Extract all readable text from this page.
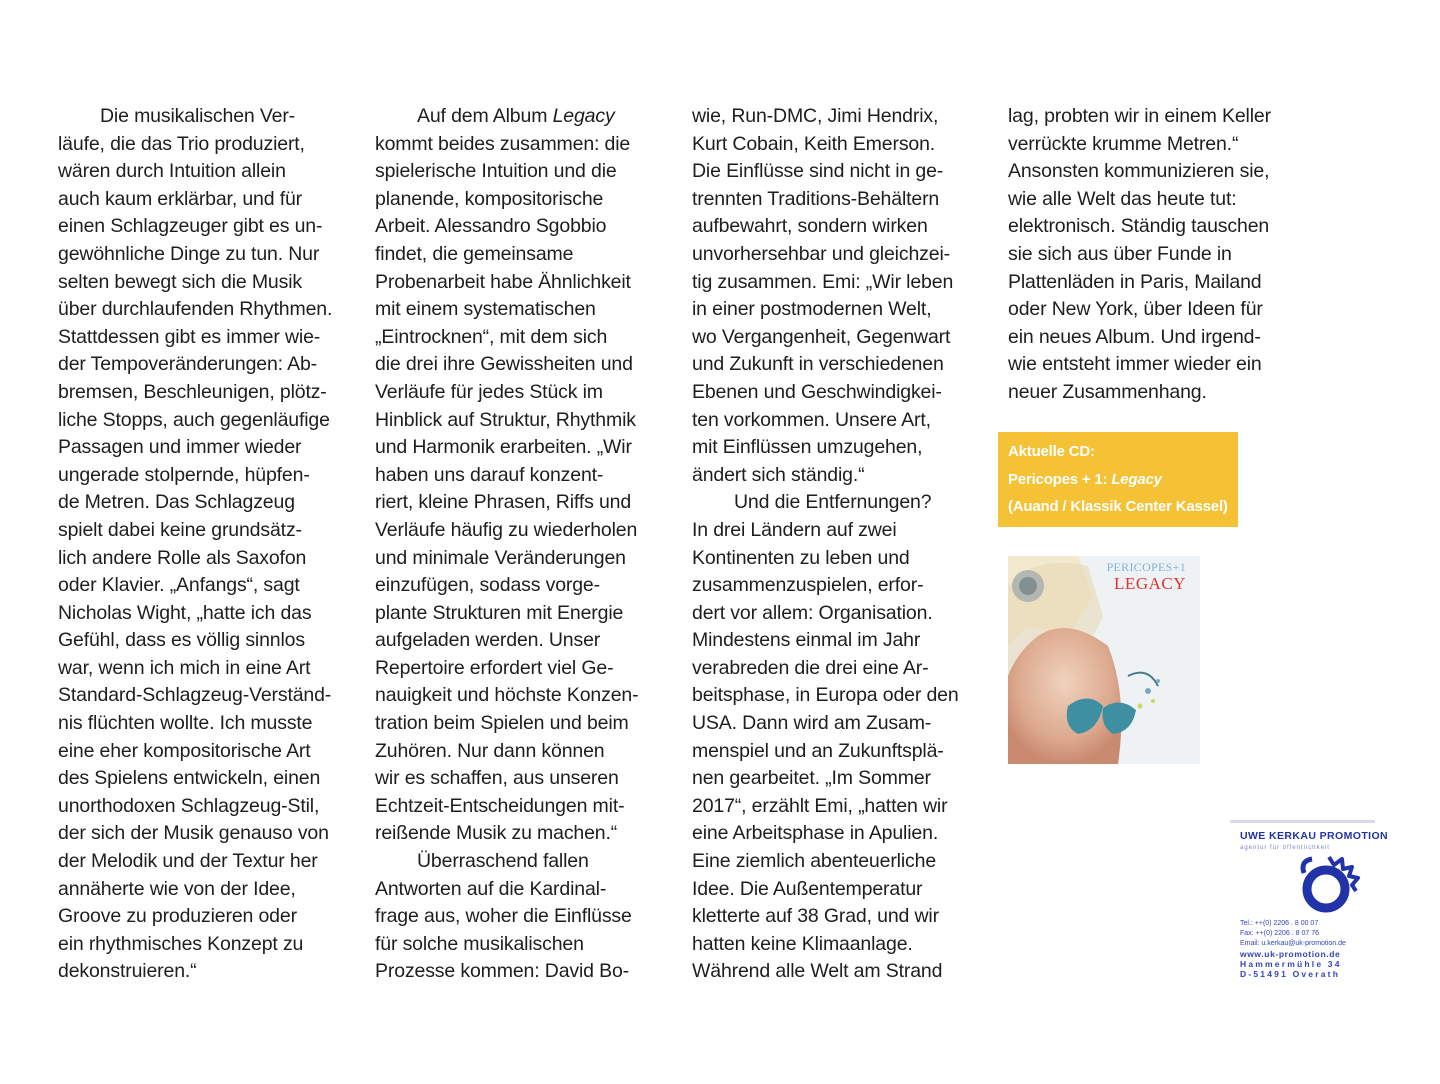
Die musikalischen Ver-
läufe, die das Trio produziert,
wären durch Intuition allein
auch kaum erklärbar, und für
einen Schlagzeuger gibt es un-
gewöhnliche Dinge zu tun. Nur
selten bewegt sich die Musik
über durchlaufenden Rhythmen.
Stattdessen gibt es immer wie-
der Tempoveränderungen: Ab-
bremsen, Beschleunigen, plötz-
liche Stopps, auch gegenläufige
Passagen und immer wieder
ungerade stolpernde, hüpfen-
de Metren. Das Schlagzeug
spielt dabei keine grundsätz-
lich andere Rolle als Saxofon
oder Klavier. „Anfangs“, sagt
Nicholas Wight, „hatte ich das
Gefühl, dass es völlig sinnlos
war, wenn ich mich in eine Art
Standard-Schlagzeug-Verständ-
nis flüchten wollte. Ich musste
eine eher kompositorische Art
des Spielens entwickeln, einen
unorthodoxen Schlagzeug-Stil,
der sich der Musik genauso von
der Melodik und der Textur her
annäherte wie von der Idee,
Groove zu produzieren oder
ein rhythmisches Konzept zu
dekonstruieren.“

Auf dem Album Legacy
kommt beides zusammen: die
spielerische Intuition und die
planende, kompositorische
Arbeit. Alessandro Sgobbio
findet, die gemeinsame
Probenarbeit habe Ähnlichkeit
mit einem systematischen
„Eintrocknen“, mit dem sich
die drei ihre Gewissheiten und
Verläufe für jedes Stück im
Hinblick auf Struktur, Rhythmik
und Harmonik erarbeiten. „Wir
haben uns darauf konzent-
riert, kleine Phrasen, Riffs und
Verläufe häufig zu wiederholen
und minimale Veränderungen
einzufügen, sodass vorge-
plante Strukturen mit Energie
aufgeladen werden. Unser
Repertoire erfordert viel Ge-
nauigkeit und höchste Konzen-
tration beim Spielen und beim
Zuhören. Nur dann können
wir es schaffen, aus unseren
Echtzeit-Entscheidungen mit-
reißende Musik zu machen.“

Überraschend fallen
Antworten auf die Kardinal-
frage aus, woher die Einflüsse
für solche musikalischen
Prozesse kommen: David Bo-

wie, Run-DMC, Jimi Hendrix,
Kurt Cobain, Keith Emerson.
Die Einflüsse sind nicht in ge-
trennten Traditions-Behältern
aufbewahrt, sondern wirken
unvorhersehbar und gleichzei-
tig zusammen. Emi: „Wir leben
in einer postmodernen Welt,
wo Vergangenheit, Gegenwart
und Zukunft in verschiedenen
Ebenen und Geschwindigkei-
ten vorkommen. Unsere Art,
mit Einflüssen umzugehen,
ändert sich ständig.“

Und die Entfernungen?
In drei Ländern auf zwei
Kontinenten zu leben und
zusammenzuspielen, erfor-
dert vor allem: Organisation.
Mindestens einmal im Jahr
verabreden die drei eine Ar-
beitsphase, in Europa oder den
USA. Dann wird am Zusam-
menspiel und an Zukunftsplä-
nen gearbeitet. „Im Sommer
2017“, erzählt Emi, „hatten wir
eine Arbeitsphase in Apulien.
Eine ziemlich abenteuerliche
Idee. Die Außentemperatur
kletterte auf 38 Grad, und wir
hatten keine Klimaanlage.
Während alle Welt am Strand

lag, probten wir in einem Keller
verrückte krumme Metren.“
Ansonsten kommunizieren sie,
wie alle Welt das heute tut:
elektronisch. Ständig tauschen
sie sich aus über Funde in
Plattenläden in Paris, Mailand
oder New York, über Ideen für
ein neues Album. Und irgend-
wie entsteht immer wieder ein
neuer Zusammenhang.

Aktuelle CD:
Pericopes + 1: Legacy
(Auand / Klassik Center Kassel)
PERICOPES+1
LEGACY
UWE KERKAU PROMOTION
agentur für öffentlichkeit
Tel.: ++(0) 2206 . 8 00 07
Fax: ++(0) 2206 . 8 07 76
Email: u.kerkau@uk-promotion.de
www.uk-promotion.de
Hammermühle 34
D-51491 Overath
